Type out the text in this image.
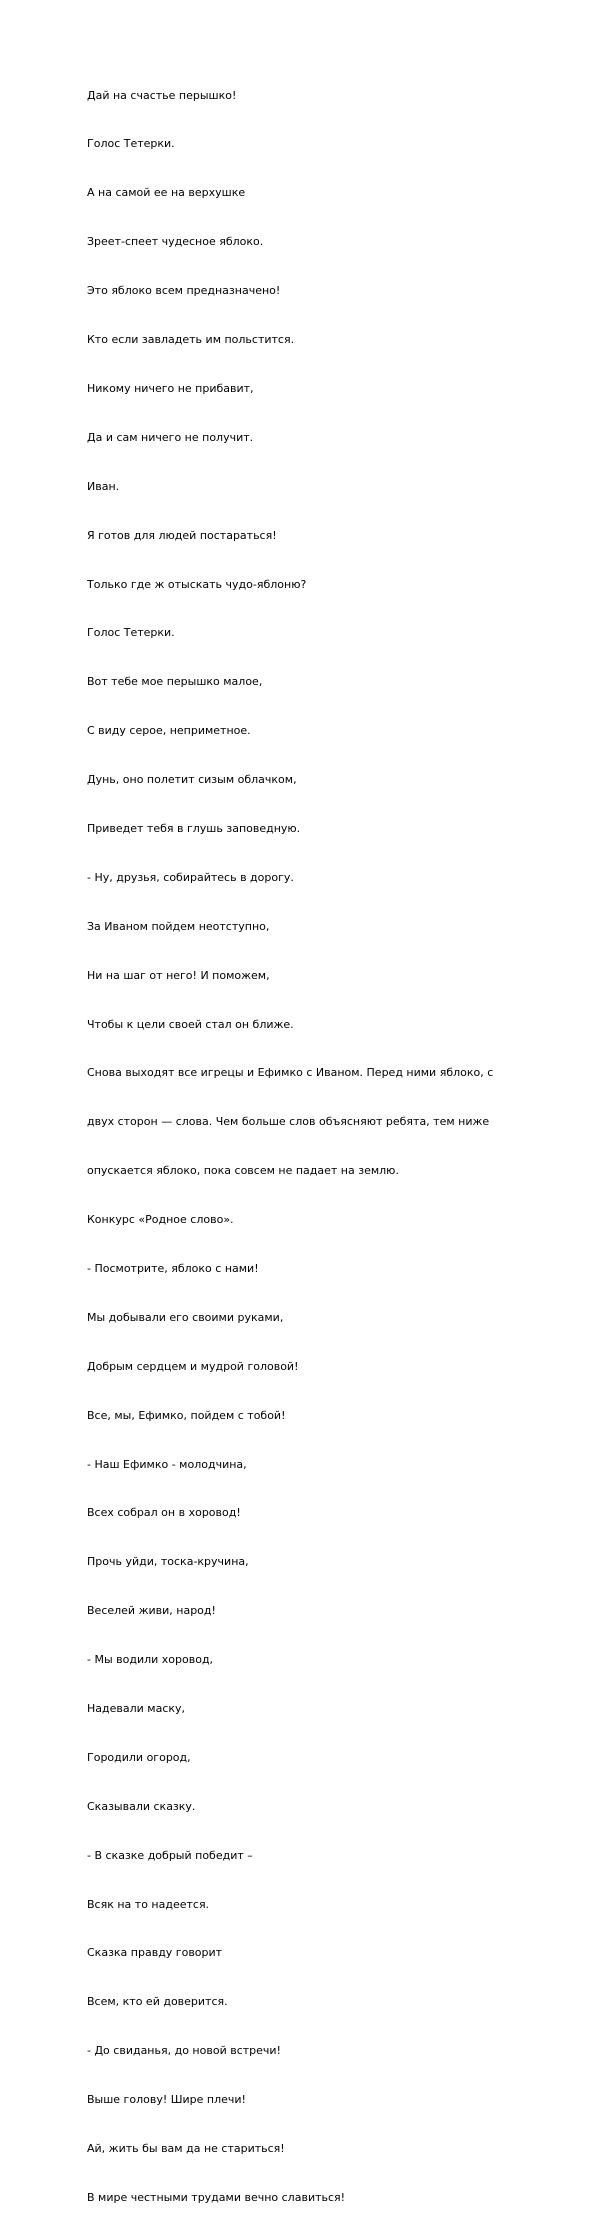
Дай на счастье перышко!

Голос Тетерки.

А на самой ее на верхушке

Зреет-спеет чудесное яблоко.

Это яблоко всем предназначено!

Кто если завладеть им польстится.

Никому ничего не прибавит,

Да и сам ничего не получит.

Иван.

Я готов для людей постараться!

Только где ж отыскать чудо-яблоню?

Голос Тетерки.

Вот тебе мое перышко малое,

С виду серое, неприметное.

Дунь, оно полетит сизым облачком,

Приведет тебя в глушь заповедную.

- Ну, друзья, собирайтесь в дорогу.

За Иваном пойдем неотступно,

Ни на шаг от него! И поможем,

Чтобы к цели своей стал он ближе.

Снова выходят все игрецы и Ефимко с Иваном. Перед ними яблоко, с

двух сторон — слова. Чем больше слов объясняют ребята, тем ниже

опускается яблоко, пока совсем не падает на землю.

Конкурс «Родное слово».

- Посмотрите, яблоко с нами!

Мы добывали его своими руками,

Добрым сердцем и мудрой головой!

Все, мы, Ефимко, пойдем с тобой!

- Наш Ефимко - молодчина,

Всех собрал он в хоровод!

Прочь уйди, тоска-кручина,

Веселей живи, народ!

- Мы водили хоровод,

Надевали маску,

Городили огород,

Сказывали сказку.

- В сказке добрый победит –

Всяк на то надеется.

Сказка правду говорит

Всем, кто ей доверится.

- До свиданья, до новой встречи!

Выше голову! Шире плечи!

Ай, жить бы вам да не стариться!

В мире честными трудами вечно славиться!
